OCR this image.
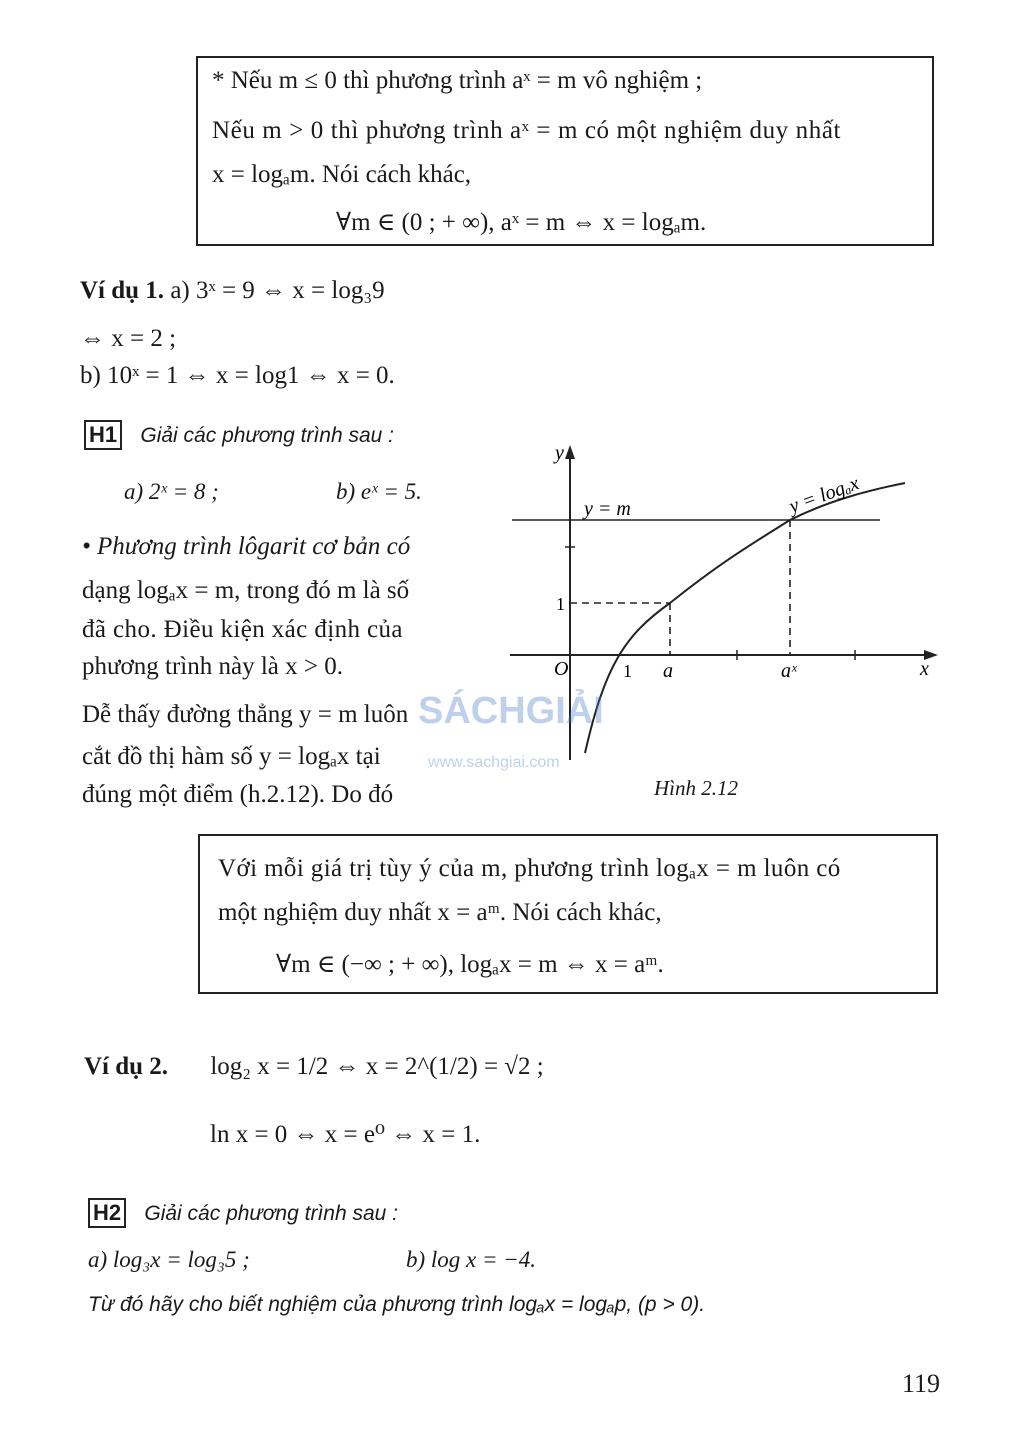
* Nếu m ≤ 0 thì phương trình aˣ = m vô nghiệm ;
Nếu m > 0 thì phương trình aˣ = m có một nghiệm duy nhất
x = logₐm. Nói cách khác,
∀m ∈ (0 ; + ∞), aˣ = m ⇔ x = logₐm.
Ví dụ 1. a) 3ˣ = 9 ⇔ x = log₃9
⇔ x = 2 ;
b) 10ˣ = 1 ⇔ x = log1 ⇔ x = 0.
H1 Giải các phương trình sau :
a) 2ˣ = 8 ;	b) eˣ = 5.
• Phương trình lôgarit cơ bản có
dạng logₐx = m, trong đó m là số
đã cho. Điều kiện xác định của
phương trình này là x > 0.
Dễ thấy đường thẳng y = m luôn
cắt đồ thị hàm số y = logₐx tại
đúng một điểm (h.2.12). Do đó
y
x
O	1
1
a	aˣ
y = m	y = logₐx
Hình 2.12
SÁCHGIẢI
www.sachgiai.com
Với mỗi giá trị tùy ý của m, phương trình logₐx = m luôn có
một nghiệm duy nhất x = aᵐ. Nói cách khác,
∀m ∈ (−∞ ; + ∞), logₐx = m ⇔ x = aᵐ.
Ví dụ 2. log₂ x = 1/2 ⇔ x = 2^(1/2) = √2 ;
ln x = 0 ⇔ x = e⁰ ⇔ x = 1.
H2 Giải các phương trình sau :
a) log₃x = log₃5 ;	b) log x = −4.
Từ đó hãy cho biết nghiệm của phương trình logₐx = logₐp, (p > 0).
119
